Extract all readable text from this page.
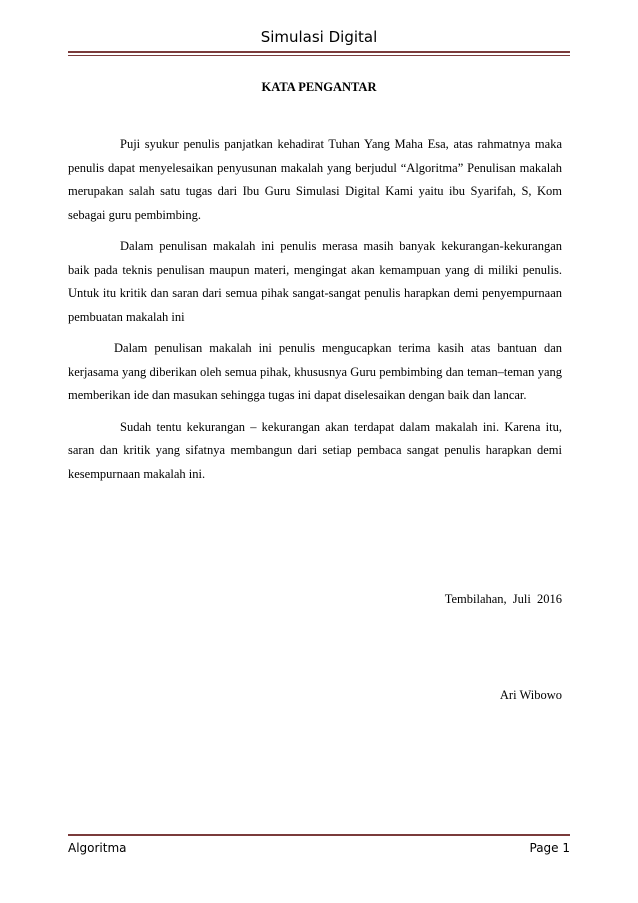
Simulasi Digital
KATA PENGANTAR

Puji syukur penulis panjatkan kehadirat Tuhan Yang Maha Esa, atas rahmatnya maka penulis dapat menyelesaikan penyusunan makalah yang berjudul “Algoritma” Penulisan makalah merupakan salah satu tugas dari Ibu Guru Simulasi Digital Kami yaitu ibu Syarifah, S, Kom sebagai guru pembimbing.

Dalam penulisan makalah ini penulis merasa masih banyak kekurangan-kekurangan baik pada teknis penulisan maupun materi, mengingat akan kemampuan yang di miliki penulis. Untuk itu kritik dan saran dari semua pihak sangat-sangat penulis harapkan demi penyempurnaan pembuatan makalah ini

Dalam penulisan makalah ini penulis mengucapkan terima kasih atas bantuan dan kerjasama yang diberikan oleh semua pihak, khususnya Guru pembimbing dan teman–teman yang memberikan ide dan masukan sehingga tugas ini dapat diselesaikan dengan baik dan lancar.

Sudah tentu kekurangan – kekurangan akan terdapat dalam makalah ini. Karena itu, saran dan kritik yang sifatnya membangun dari setiap pembaca sangat penulis harapkan demi kesempurnaan makalah ini.

Tembilahan, Juli 2016
Ari Wibowo
Algoritma	Page 1
